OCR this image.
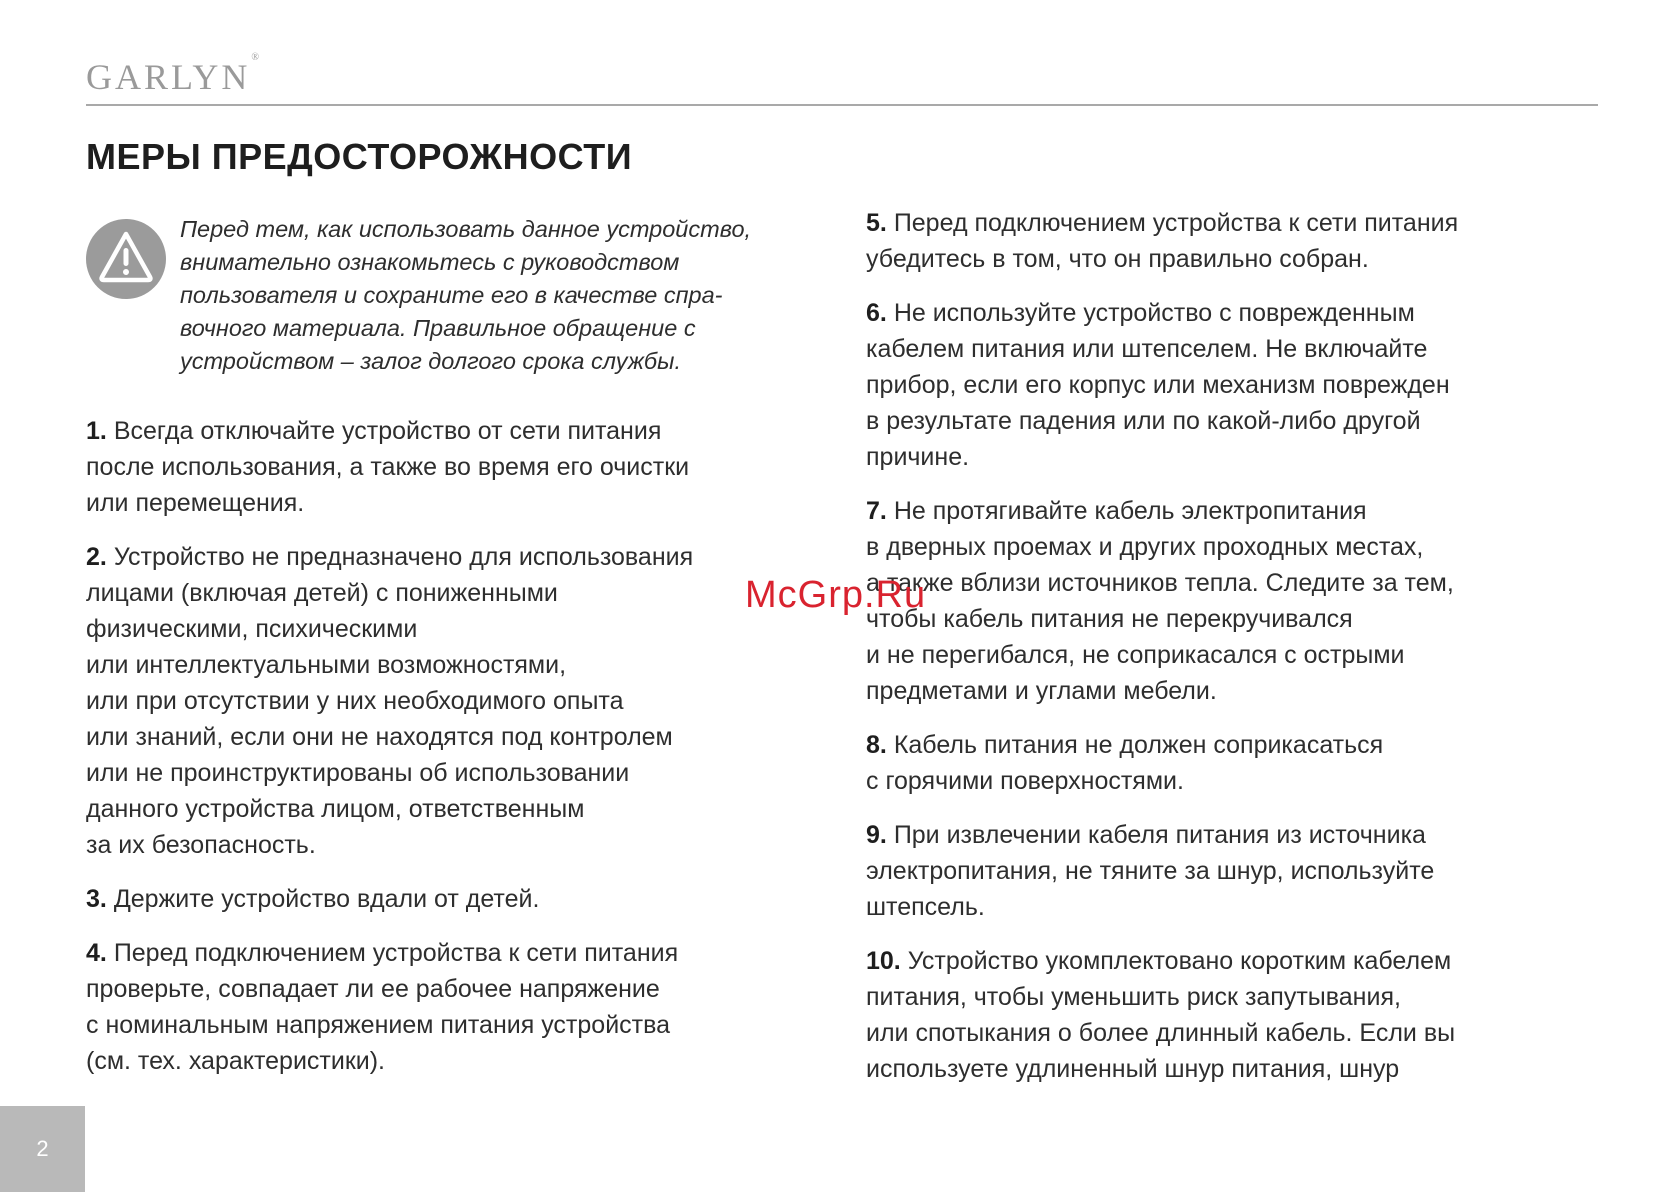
GARLYN®
МЕРЫ ПРЕДОСТОРОЖНОСТИ
Перед тем, как использовать данное устройство,
внимательно ознакомьтесь с руководством
пользователя и сохраните его в качестве спра-
вочного материала. Правильное обращение с
устройством – залог долгого срока службы.
1. Всегда отключайте устройство от сети питания
после использования, а также во время его очистки
или перемещения.
2. Устройство не предназначено для использования
лицами (включая детей) с пониженными
физическими, психическими
или интеллектуальными возможностями,
или при отсутствии у них необходимого опыта
или знаний, если они не находятся под контролем
или не проинструктированы об использовании
данного устройства лицом, ответственным
за их безопасность.
3. Держите устройство вдали от детей.
4. Перед подключением устройства к сети питания
проверьте, совпадает ли ее рабочее напряжение
с номинальным напряжением питания устройства
(см. тех. характеристики).
5. Перед подключением устройства к сети питания
убедитесь в том, что он правильно собран.
6. Не используйте устройство с поврежденным
кабелем питания или штепселем. Не включайте
прибор, если его корпус или механизм поврежден
в результате падения или по какой-либо другой
причине.
7. Не протягивайте кабель электропитания
в дверных проемах и других проходных местах,
а также вблизи источников тепла. Следите за тем,
чтобы кабель питания не перекручивался
и не перегибался, не соприкасался с острыми
предметами и углами мебели.
8. Кабель питания не должен соприкасаться
с горячими поверхностями.
9. При извлечении кабеля питания из источника
электропитания, не тяните за шнур, используйте
штепсель.
10. Устройство укомплектовано коротким кабелем
питания, чтобы уменьшить риск запутывания,
или спотыкания о более длинный кабель. Если вы
используете удлиненный шнур питания, шнур
McGrp.Ru
2
